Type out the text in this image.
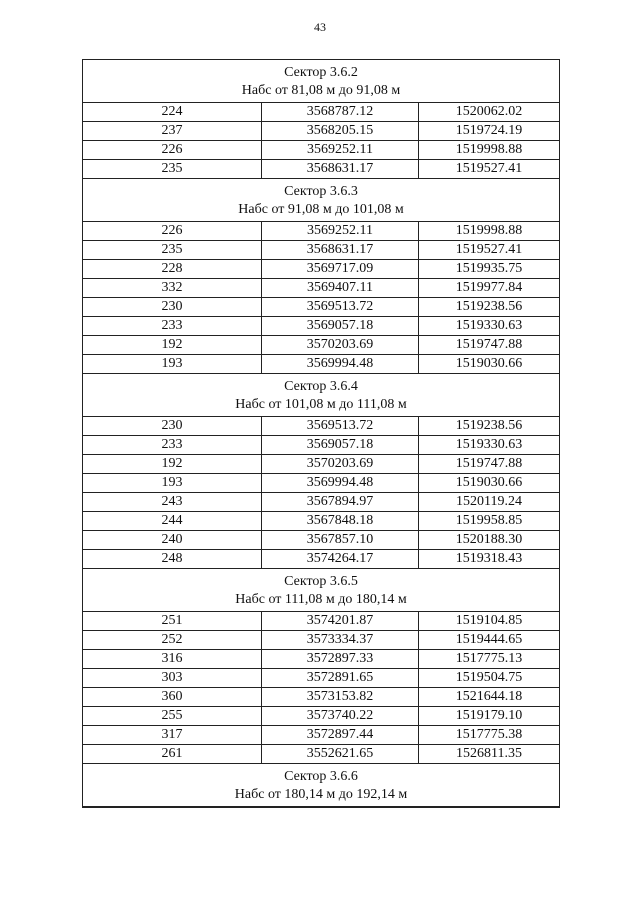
43
Сектор 3.6.2
Набс от 81,08 м до 91,08 м
224	3568787.12	1520062.02
237	3568205.15	1519724.19
226	3569252.11	1519998.88
235	3568631.17	1519527.41
Сектор 3.6.3
Набс от 91,08 м до 101,08 м
226	3569252.11	1519998.88
235	3568631.17	1519527.41
228	3569717.09	1519935.75
332	3569407.11	1519977.84
230	3569513.72	1519238.56
233	3569057.18	1519330.63
192	3570203.69	1519747.88
193	3569994.48	1519030.66
Сектор 3.6.4
Набс от 101,08 м до 111,08 м
230	3569513.72	1519238.56
233	3569057.18	1519330.63
192	3570203.69	1519747.88
193	3569994.48	1519030.66
243	3567894.97	1520119.24
244	3567848.18	1519958.85
240	3567857.10	1520188.30
248	3574264.17	1519318.43
Сектор 3.6.5
Набс от 111,08 м до 180,14 м
251	3574201.87	1519104.85
252	3573334.37	1519444.65
316	3572897.33	1517775.13
303	3572891.65	1519504.75
360	3573153.82	1521644.18
255	3573740.22	1519179.10
317	3572897.44	1517775.38
261	3552621.65	1526811.35
Сектор 3.6.6
Набс от 180,14 м до 192,14 м
